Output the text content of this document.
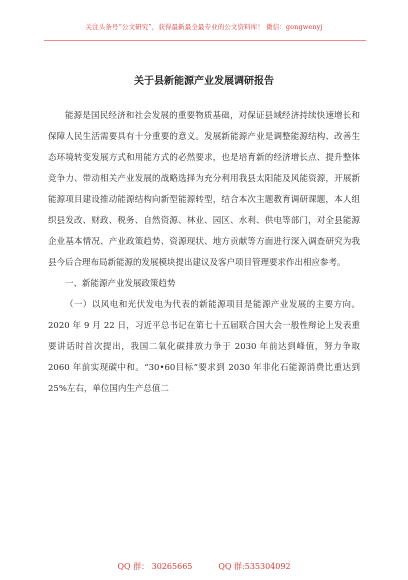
关注头条号“公文研究”，获得最新最全最专业的公文资料库！ 微信：gongwenyj
关于县新能源产业发展调研报告

能源是国民经济和社会发展的重要物质基础，对保证县域经济持续快速增长和保障人民生活需要具有十分重要的意义。发展新能源产业是调整能源结构、改善生态环境转变发展方式和用能方式的必然要求，也是培育新的经济增长点、提升整体竞争力、带动相关产业发展的战略选择为充分利用我县太阳能及风能资源，开展新能源项目建设推动能源结构向新型能源转型，结合本次主题教育调研课题，本人组织县发改、财政、税务、自然资源、林业、园区、水利、供电等部门，对全县能源企业基本情况、产业政策趋势、资源现状、地方贡献等方面进行深入调查研究为我县今后合理布局新能源的发展模块提出建议及客户项目管理要求作出相应参考。

一、新能源产业发展政策趋势

（一）以风电和光伏发电为代表的新能源项目是能源产业发展的主要方向。2020 年 9 月 22 日，习近平总书记在第七十五届联合国大会一般性辩论上发表重要讲话时首次提出，我国二氧化碳排放力争于 2030 年前达到峰值，努力争取 2060 年前实现碳中和。“30•60目标”要求到 2030 年非化石能源消费比重达到 25%左右，单位国内生产总值二

QQ 群： 30265665	QQ 群:535304092
